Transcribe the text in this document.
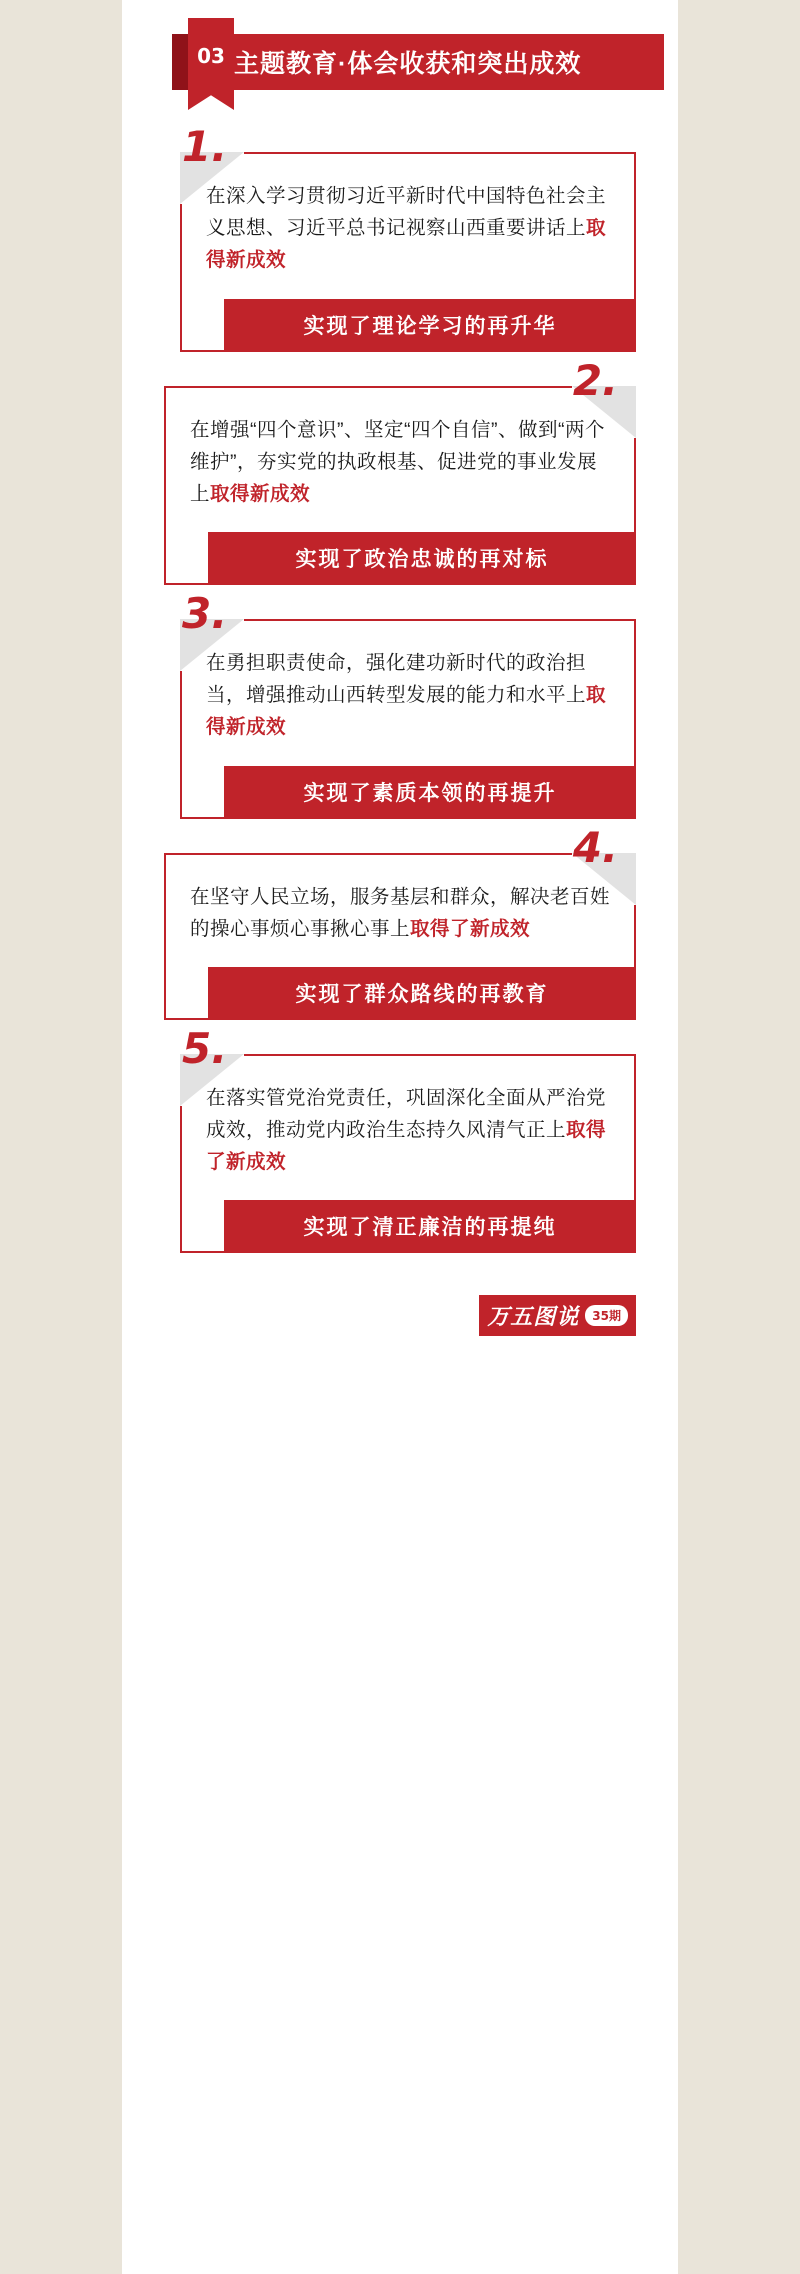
主题教育·体会收获和突出成效
03
1.
在深入学习贯彻习近平新时代中国特色社会主义思想、习近平总书记视察山西重要讲话上取得新成效
实现了理论学习的再升华
2.
在增强“四个意识”、坚定“四个自信”、做到“两个维护”，夯实党的执政根基、促进党的事业发展上取得新成效
实现了政治忠诚的再对标
3.
在勇担职责使命，强化建功新时代的政治担当，增强推动山西转型发展的能力和水平上取得新成效
实现了素质本领的再提升
4.
在坚守人民立场，服务基层和群众，解决老百姓的操心事烦心事揪心事上取得了新成效
实现了群众路线的再教育
5.
在落实管党治党责任，巩固深化全面从严治党成效，推动党内政治生态持久风清气正上取得了新成效
实现了清正廉洁的再提纯
万五图说	35期
